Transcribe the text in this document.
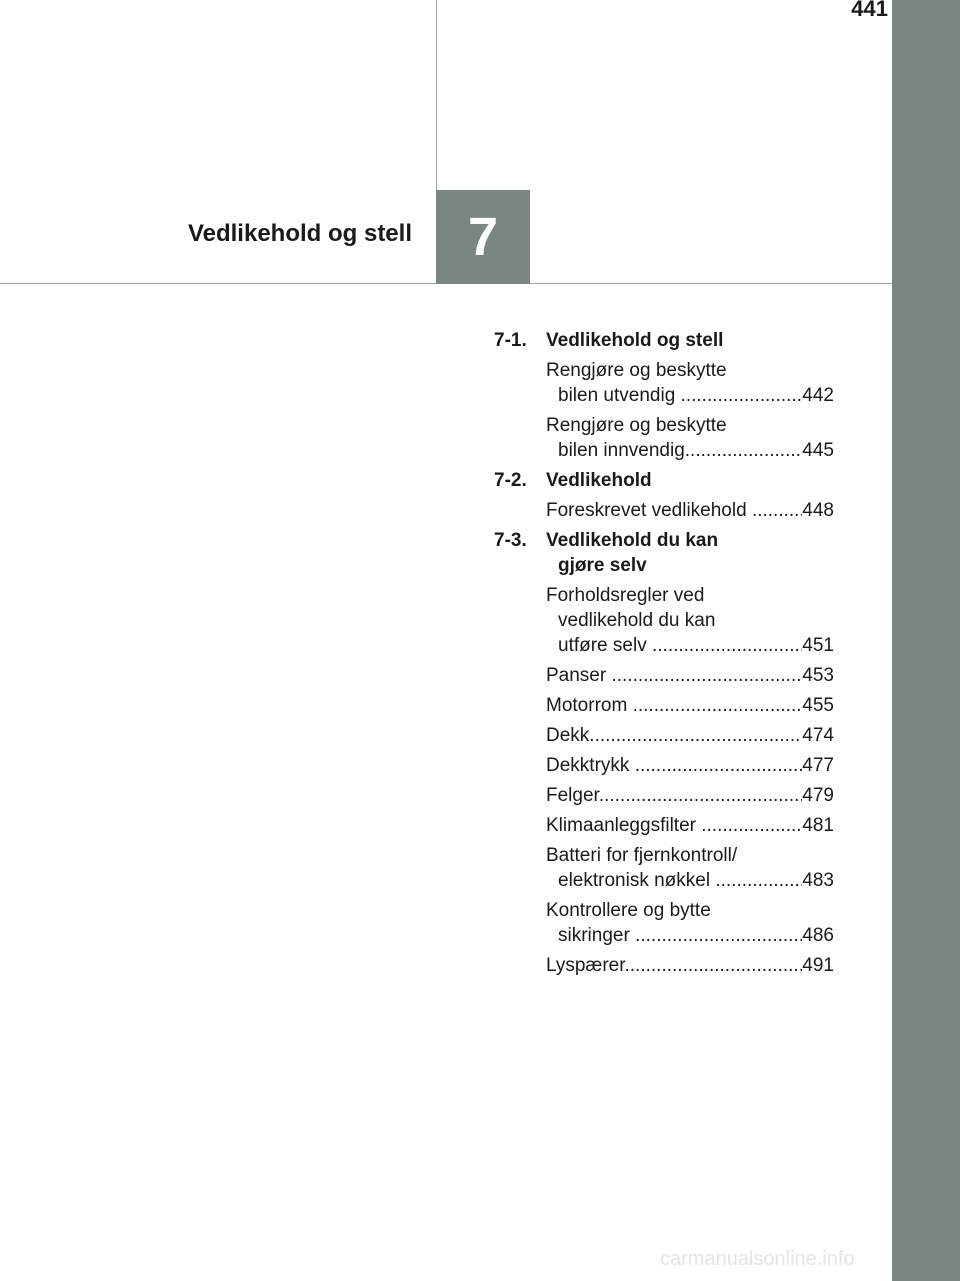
441
7
Vedlikehold og stell
7-1.	Vedlikehold og stell
Rengjøre og beskytte
bilen utvendig .....	442
Rengjøre og beskytte
bilen innvendig .....	445
7-2.	Vedlikehold
Foreskrevet vedlikehold .....	448
7-3.	Vedlikehold du kan
gjøre selv
Forholdsregler ved
vedlikehold du kan
utføre selv .....	451
Panser .....	453
Motorrom .....	455
Dekk .....	474
Dekktrykk .....	477
Felger .....	479
Klimaanleggsfilter .....	481
Batteri for fjernkontroll/
elektronisk nøkkel .....	483
Kontrollere og bytte
sikringer .....	486
Lyspærer .....	491
carmanualsonline.info
